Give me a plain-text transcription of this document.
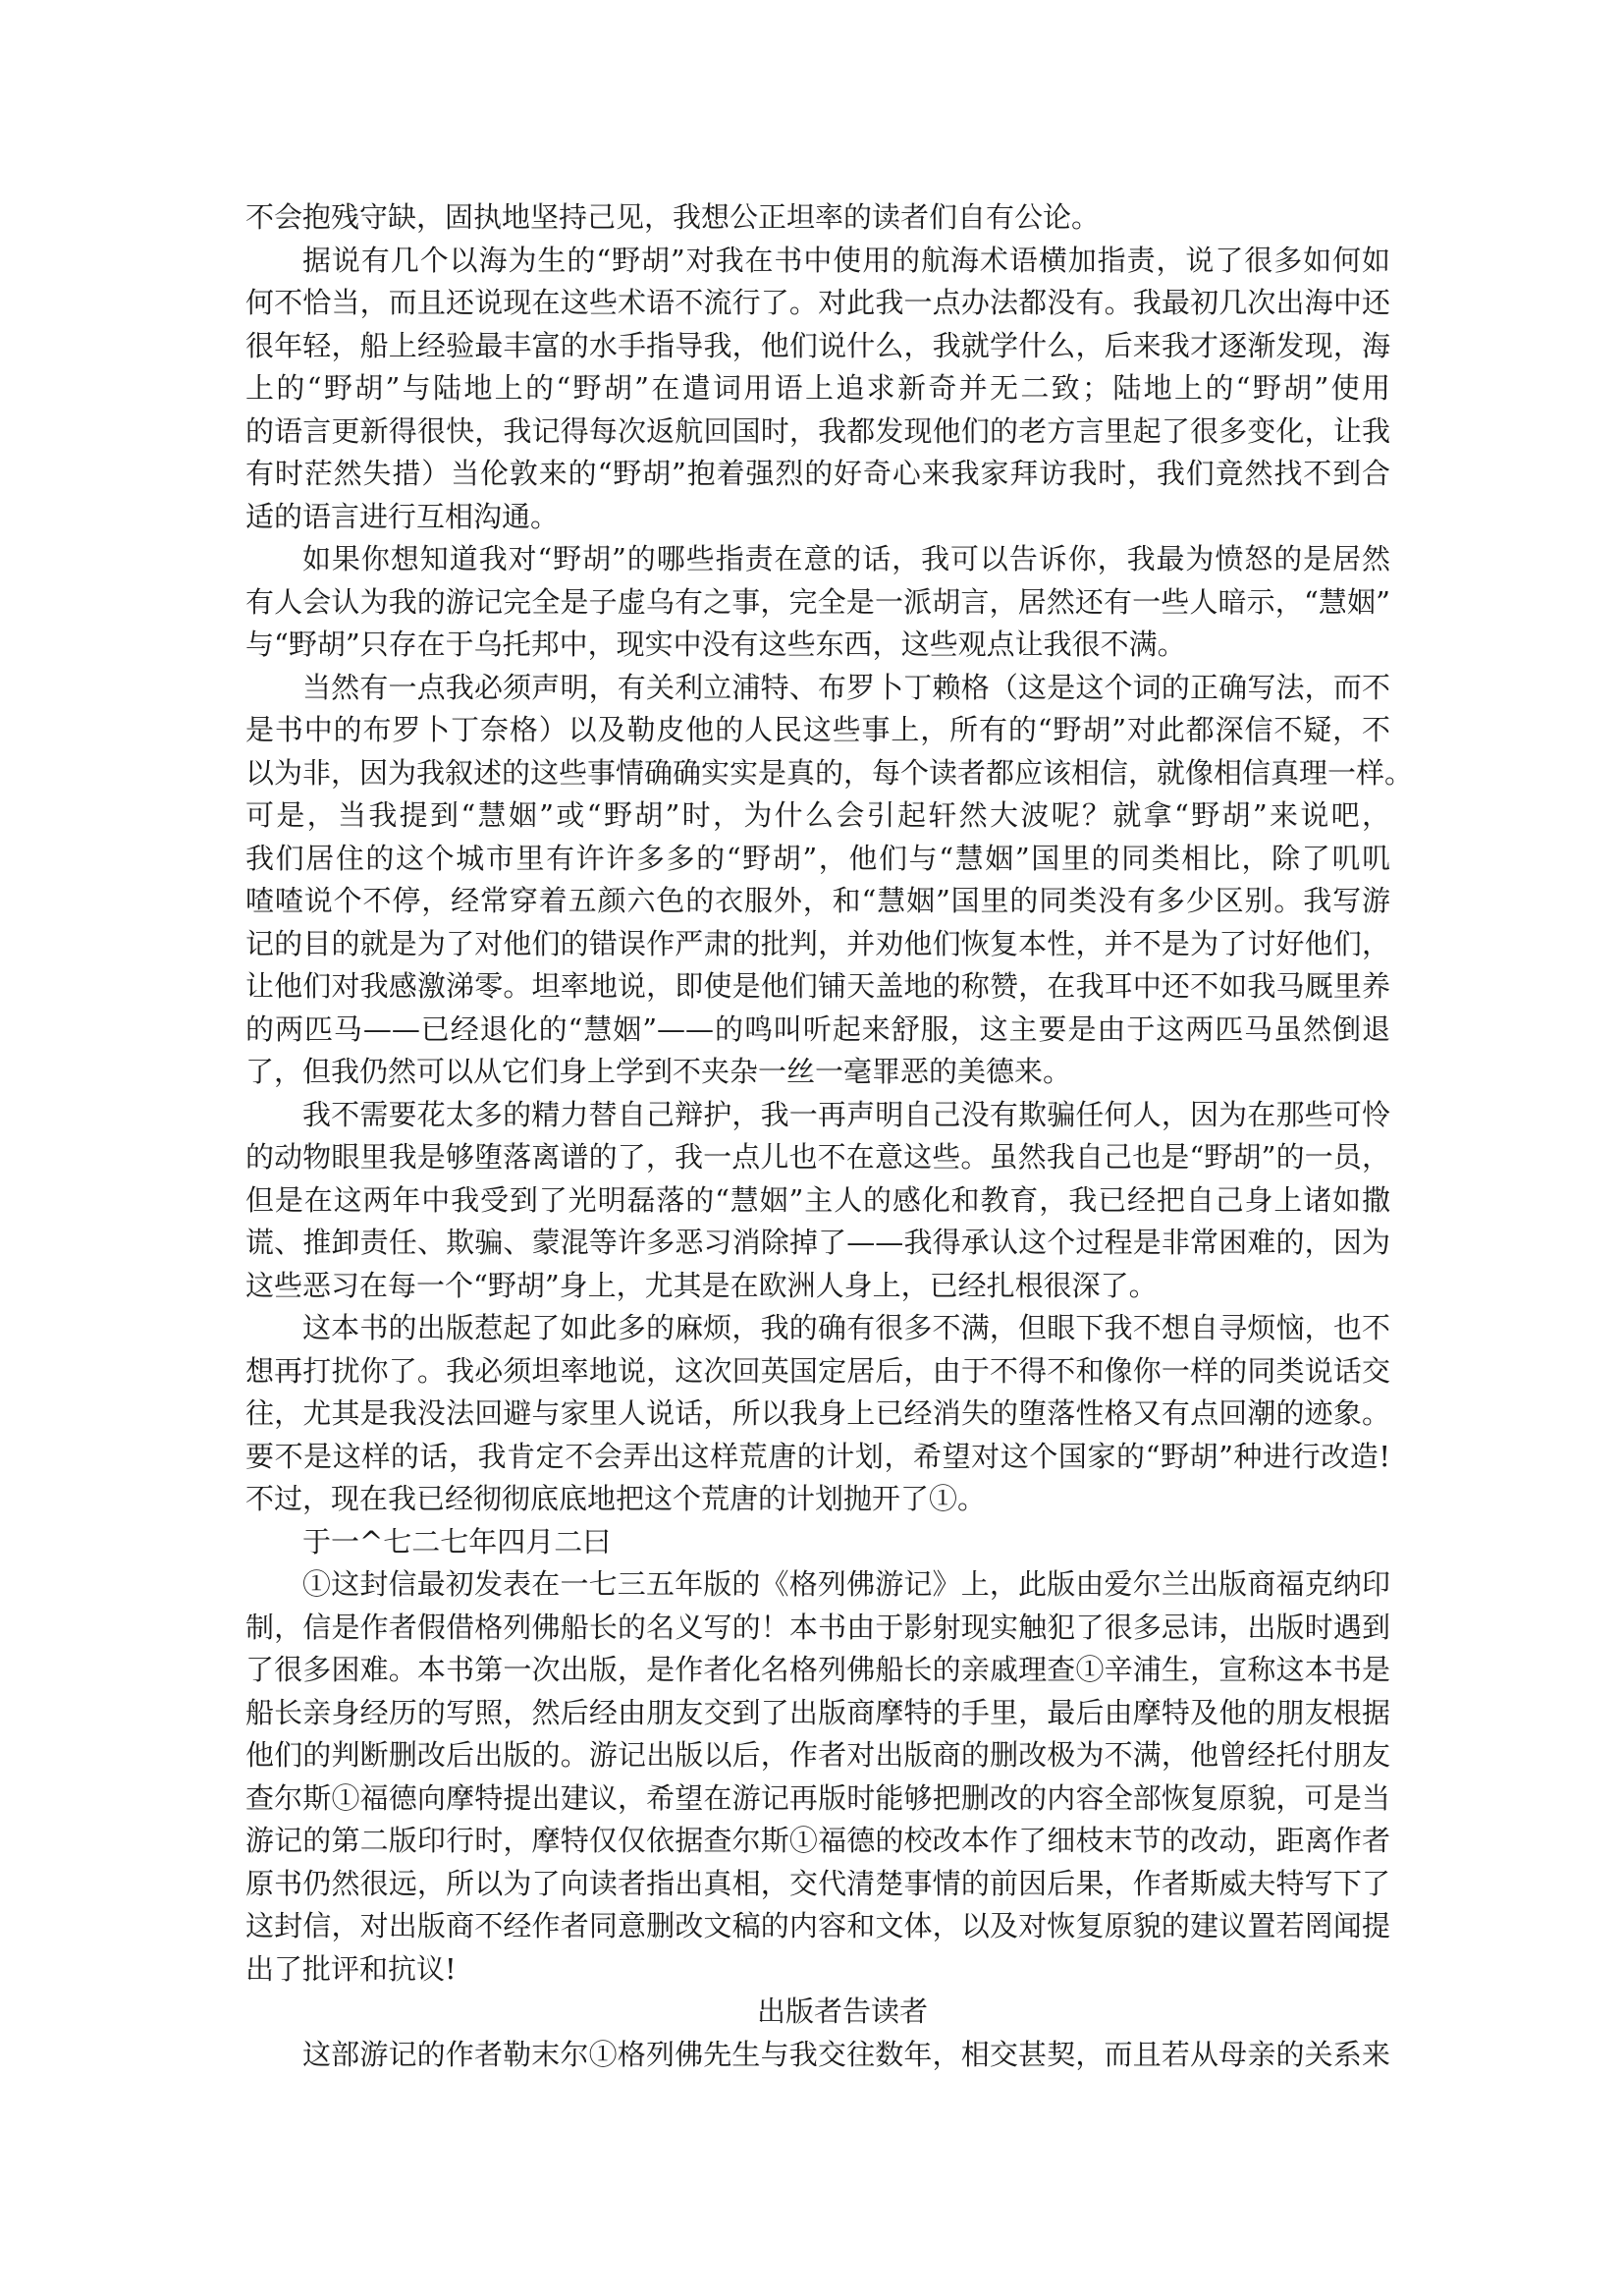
不会抱残守缺，固执地坚持己见，我想公正坦率的读者们自有公论。
据说有几个以海为生的“野胡”对我在书中使用的航海术语横加指责，说了很多如何如
何不恰当，而且还说现在这些术语不流行了。对此我一点办法都没有。我最初几次出海中还
很年轻，船上经验最丰富的水手指导我，他们说什么，我就学什么，后来我才逐渐发现，海
上的“野胡”与陆地上的“野胡”在遣词用语上追求新奇并无二致；陆地上的“野胡”使用
的语言更新得很快，我记得每次返航回国时，我都发现他们的老方言里起了很多变化，让我
有时茫然失措）当伦敦来的“野胡”抱着强烈的好奇心来我家拜访我时，我们竟然找不到合
适的语言进行互相沟通。
如果你想知道我对“野胡”的哪些指责在意的话，我可以告诉你，我最为愤怒的是居然
有人会认为我的游记完全是子虚乌有之事，完全是一派胡言，居然还有一些人暗示，“慧姻”
与“野胡”只存在于乌托邦中，现实中没有这些东西，这些观点让我很不满。
当然有一点我必须声明，有关利立浦特、布罗卜丁赖格（这是这个词的正确写法，而不
是书中的布罗卜丁奈格）以及勒皮他的人民这些事上，所有的“野胡”对此都深信不疑，不
以为非，因为我叙述的这些事情确确实实是真的，每个读者都应该相信，就像相信真理一样。
可是，当我提到“慧姻”或“野胡”时，为什么会引起轩然大波呢？就拿“野胡”来说吧，
我们居住的这个城市里有许许多多的“野胡”，他们与“慧姻”国里的同类相比，除了叽叽
喳喳说个不停，经常穿着五颜六色的衣服外，和“慧姻”国里的同类没有多少区别。我写游
记的目的就是为了对他们的错误作严肃的批判，并劝他们恢复本性，并不是为了讨好他们，
让他们对我感激涕零。坦率地说，即使是他们铺天盖地的称赞，在我耳中还不如我马厩里养
的两匹马——已经退化的“慧姻”——的鸣叫听起来舒服，这主要是由于这两匹马虽然倒退
了，但我仍然可以从它们身上学到不夹杂一丝一毫罪恶的美德来。
我不需要花太多的精力替自己辩护，我一再声明自己没有欺骗任何人，因为在那些可怜
的动物眼里我是够堕落离谱的了，我一点儿也不在意这些。虽然我自己也是“野胡”的一员，
但是在这两年中我受到了光明磊落的“慧姻”主人的感化和教育，我已经把自己身上诸如撒
谎、推卸责任、欺骗、蒙混等许多恶习消除掉了——我得承认这个过程是非常困难的，因为
这些恶习在每一个“野胡”身上，尤其是在欧洲人身上，已经扎根很深了。
这本书的出版惹起了如此多的麻烦，我的确有很多不满，但眼下我不想自寻烦恼，也不
想再打扰你了。我必须坦率地说，这次回英国定居后，由于不得不和像你一样的同类说话交
往，尤其是我没法回避与家里人说话，所以我身上已经消失的堕落性格又有点回潮的迹象。
要不是这样的话，我肯定不会弄出这样荒唐的计划，希望对这个国家的“野胡”种进行改造!
不过，现在我已经彻彻底底地把这个荒唐的计划抛开了①。
于一^七二七年四月二曰
①这封信最初发表在一七三五年版的《格列佛游记》上，此版由爱尔兰出版商福克纳印
制，信是作者假借格列佛船长的名义写的！本书由于影射现实触犯了很多忌讳，出版时遇到
了很多困难。本书第一次出版，是作者化名格列佛船长的亲戚理查①辛浦生，宣称这本书是
船长亲身经历的写照，然后经由朋友交到了出版商摩特的手里，最后由摩特及他的朋友根据
他们的判断删改后出版的。游记出版以后，作者对出版商的删改极为不满，他曾经托付朋友
查尔斯①福德向摩特提出建议，希望在游记再版时能够把删改的内容全部恢复原貌，可是当
游记的第二版印行时，摩特仅仅依据查尔斯①福德的校改本作了细枝末节的改动，距离作者
原书仍然很远，所以为了向读者指出真相，交代清楚事情的前因后果，作者斯威夫特写下了
这封信，对出版商不经作者同意删改文稿的内容和文体，以及对恢复原貌的建议置若罔闻提
出了批评和抗议!
出版者告读者
这部游记的作者勒末尔①格列佛先生与我交往数年，相交甚契，而且若从母亲的关系来
